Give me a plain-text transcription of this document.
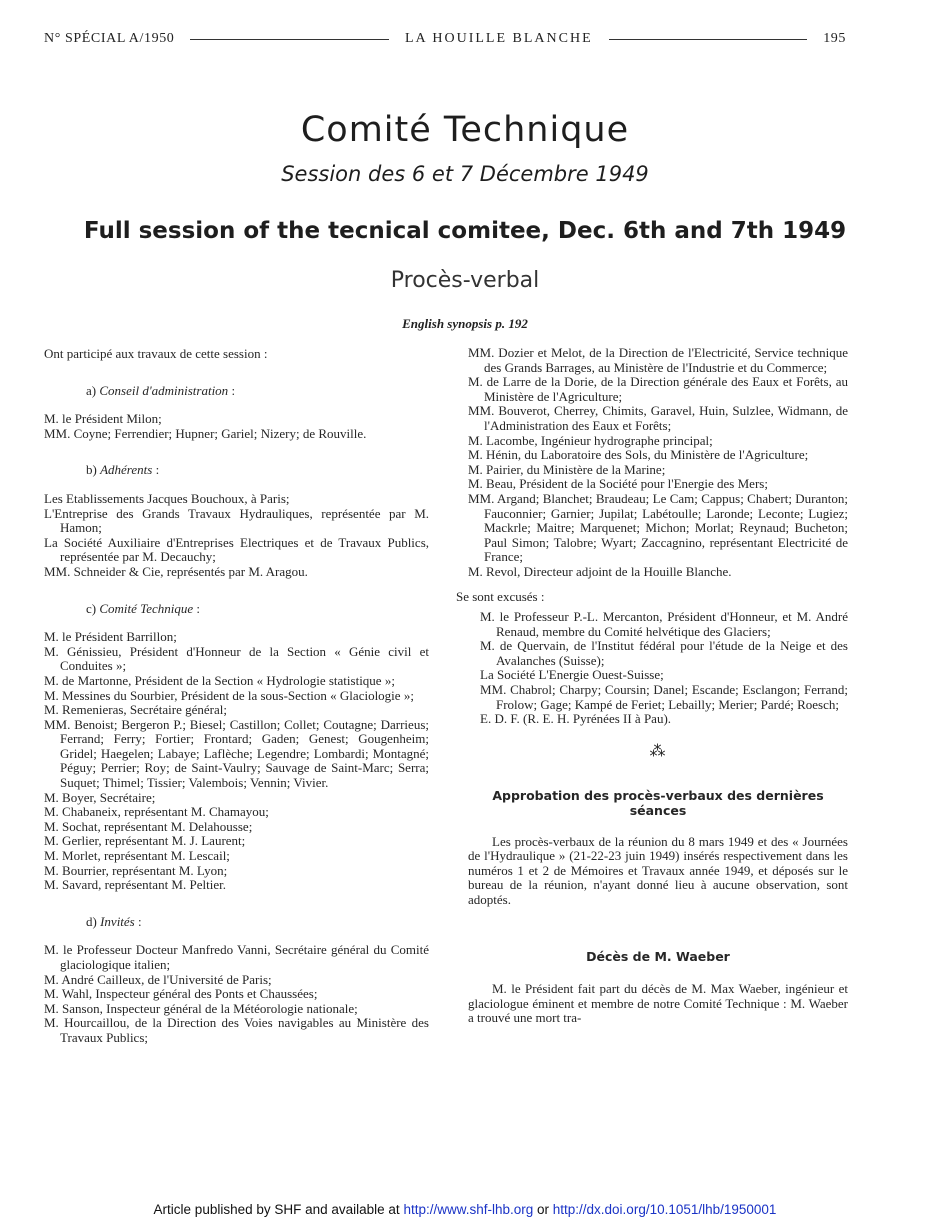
N° SPÉCIAL A/1950	LA HOUILLE BLANCHE	195
Comité Technique
Session des 6 et 7 Décembre 1949
Full session of the tecnical comitee, Dec. 6th and 7th 1949
Procès-verbal
English synopsis p. 192

Ont participé aux travaux de cette session :

a) Conseil d'administration :

M. le Président Milon;

MM. Coyne; Ferrendier; Hupner; Gariel; Nizery; de Rouville.

b) Adhérents :

Les Etablissements Jacques Bouchoux, à Paris;

L'Entreprise des Grands Travaux Hydrauliques, représentée par M. Hamon;

La Société Auxiliaire d'Entreprises Electriques et de Travaux Publics, représentée par M. Decauchy;

MM. Schneider & Cie, représentés par M. Aragou.

c) Comité Technique :

M. le Président Barrillon;

M. Génissieu, Président d'Honneur de la Section « Génie civil et Conduites »;

M. de Martonne, Président de la Section « Hydrologie statistique »;

M. Messines du Sourbier, Président de la sous-Section « Glaciologie »;

M. Remenieras, Secrétaire général;

MM. Benoist; Bergeron P.; Biesel; Castillon; Collet; Coutagne; Darrieus; Ferrand; Ferry; Fortier; Frontard; Gaden; Genest; Gougenheim; Gridel; Haegelen; Labaye; Laflèche; Legendre; Lombardi; Montagné; Péguy; Perrier; Roy; de Saint-Vaulry; Sauvage de Saint-Marc; Serra; Suquet; Thimel; Tissier; Valembois; Vennin; Vivier.

M. Boyer, Secrétaire;

M. Chabaneix, représentant M. Chamayou;

M. Sochat, représentant M. Delahousse;

M. Gerlier, représentant M. J. Laurent;

M. Morlet, représentant M. Lescail;

M. Bourrier, représentant M. Lyon;

M. Savard, représentant M. Peltier.

d) Invités :

M. le Professeur Docteur Manfredo Vanni, Secrétaire général du Comité glaciologique italien;

M. André Cailleux, de l'Université de Paris;

M. Wahl, Inspecteur général des Ponts et Chaussées;

M. Sanson, Inspecteur général de la Météorologie nationale;

M. Hourcaillou, de la Direction des Voies navigables au Ministère des Travaux Publics;

MM. Dozier et Melot, de la Direction de l'Electricité, Service technique des Grands Barrages, au Ministère de l'Industrie et du Commerce;

M. de Larre de la Dorie, de la Direction générale des Eaux et Forêts, au Ministère de l'Agriculture;

MM. Bouverot, Cherrey, Chimits, Garavel, Huin, Sulzlee, Widmann, de l'Administration des Eaux et Forêts;

M. Lacombe, Ingénieur hydrographe principal;

M. Hénin, du Laboratoire des Sols, du Ministère de l'Agriculture;

M. Pairier, du Ministère de la Marine;

M. Beau, Président de la Société pour l'Energie des Mers;

MM. Argand; Blanchet; Braudeau; Le Cam; Cappus; Chabert; Duranton; Fauconnier; Garnier; Jupilat; Labétoulle; Laronde; Leconte; Lugiez; Mackrle; Maitre; Marquenet; Michon; Morlat; Reynaud; Bucheton; Paul Simon; Talobre; Wyart; Zaccagnino, représentant Electricité de France;

M. Revol, Directeur adjoint de la Houille Blanche.

Se sont excusés :

M. le Professeur P.-L. Mercanton, Président d'Honneur, et M. André Renaud, membre du Comité helvétique des Glaciers;

M. de Quervain, de l'Institut fédéral pour l'étude de la Neige et des Avalanches (Suisse);

La Société L'Energie Ouest-Suisse;

MM. Chabrol; Charpy; Coursin; Danel; Escande; Esclangon; Ferrand; Frolow; Gage; Kampé de Feriet; Lebailly; Merier; Pardé; Roesch;

E. D. F. (R. E. H. Pyrénées II à Pau).

⁂

Approbation des procès-verbaux des dernières séances

Les procès-verbaux de la réunion du 8 mars 1949 et des « Journées de l'Hydraulique » (21-22-23 juin 1949) insérés respectivement dans les numéros 1 et 2 de Mémoires et Travaux année 1949, et déposés sur le bureau de la réunion, n'ayant donné lieu à aucune observation, sont adoptés.

Décès de M. Waeber

M. le Président fait part du décès de M. Max Waeber, ingénieur et glaciologue éminent et membre de notre Comité Technique : M. Waeber a trouvé une mort tra-

Article published by SHF and available at http://www.shf-lhb.org or http://dx.doi.org/10.1051/lhb/1950001
